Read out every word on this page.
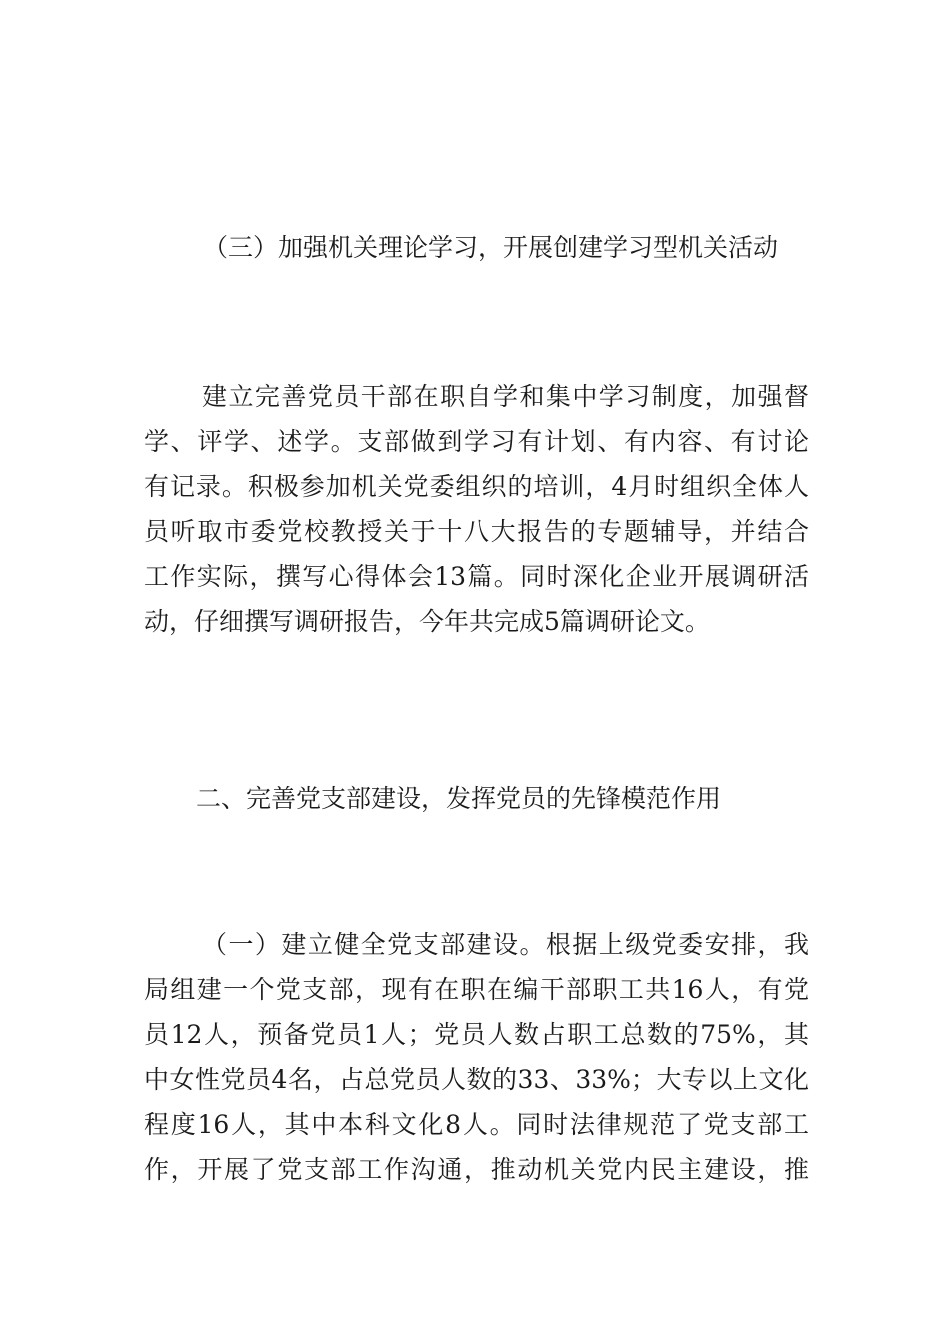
（三）加强机关理论学习，开展创建学习型机关活动
建立完善党员干部在职自学和集中学习制度，加强督
学、评学、述学。支部做到学习有计划、有内容、有讨论
有记录。积极参加机关党委组织的培训，4月时组织全体人
员听取市委党校教授关于十八大报告的专题辅导，并结合
工作实际，撰写心得体会13篇。同时深化企业开展调研活
动，仔细撰写调研报告，今年共完成5篇调研论文。
二、完善党支部建设，发挥党员的先锋模范作用
（一）建立健全党支部建设。根据上级党委安排，我
局组建一个党支部，现有在职在编干部职工共16人，有党
员12人，预备党员1人；党员人数占职工总数的75%，其
中女性党员4名，占总党员人数的33、33%；大专以上文化
程度16人，其中本科文化8人。同时法律规范了党支部工
作，开展了党支部工作沟通，推动机关党内民主建设，推
